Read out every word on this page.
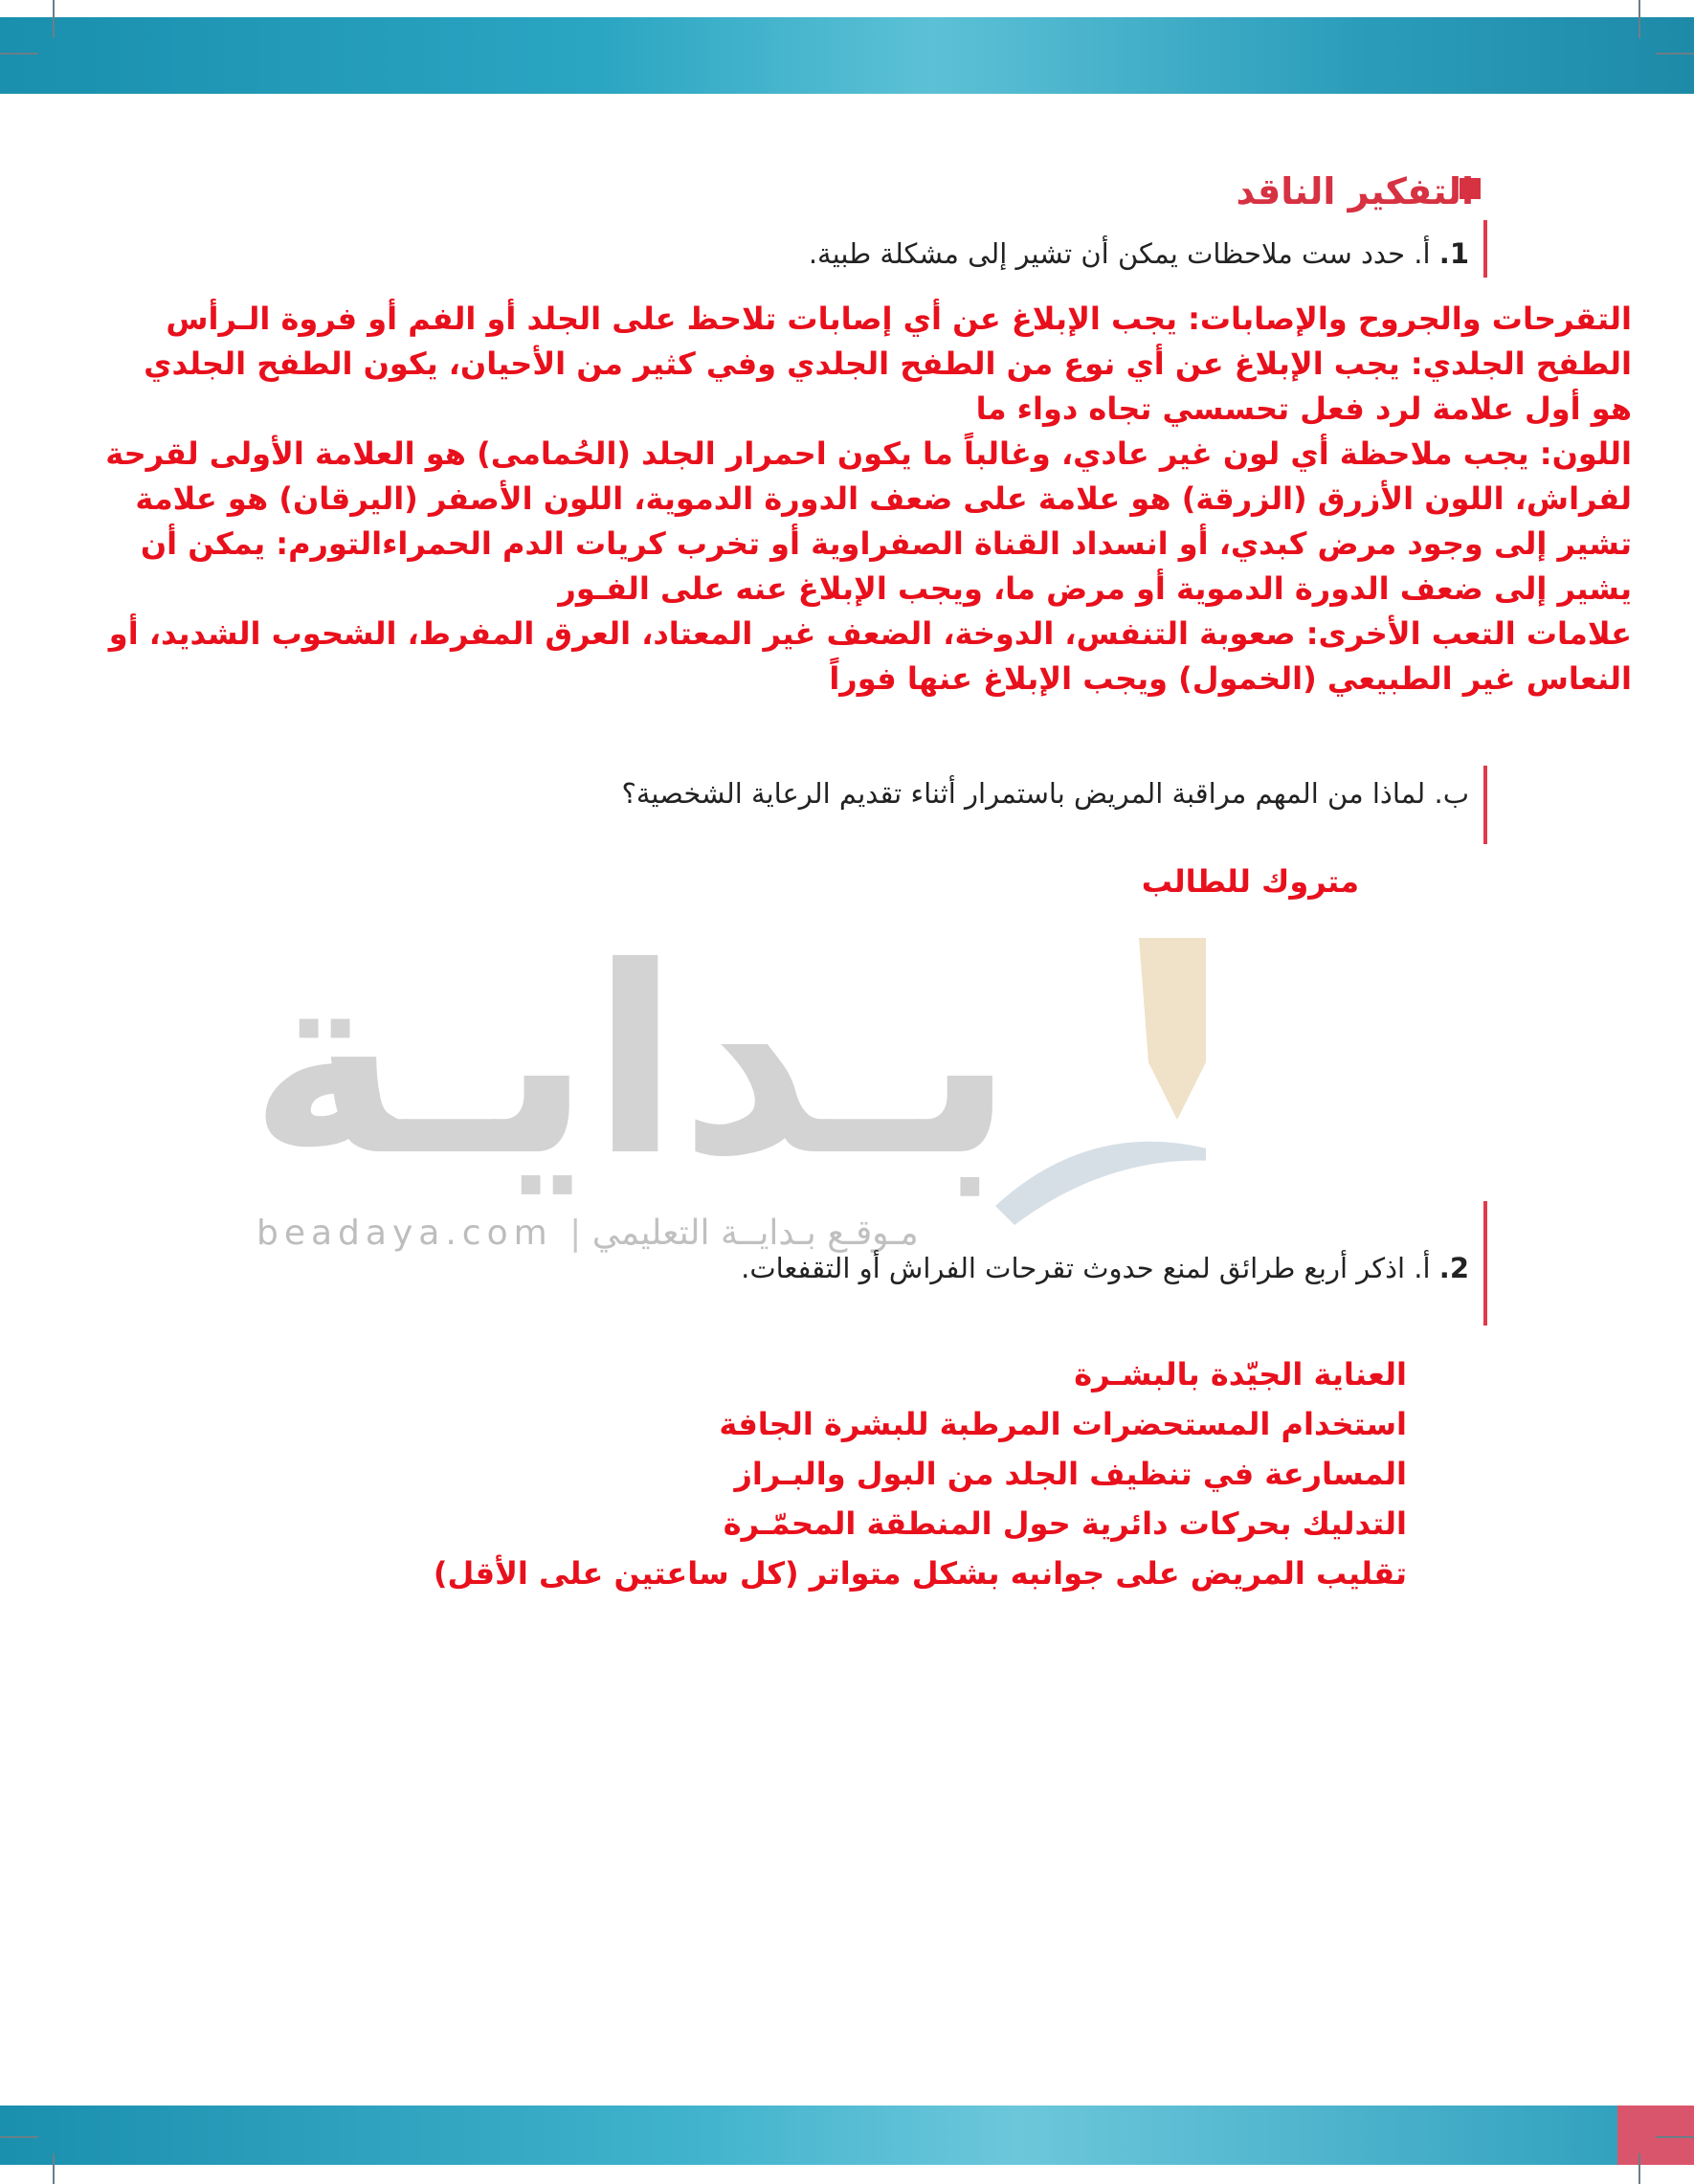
التفكير الناقد
1. أ. حدد ست ملاحظات يمكن أن تشير إلى مشكلة طبية.

التقرحات والجروح والإصابات: يجب الإبلاغ عن أي إصابات تلاحظ على الجلد أو الفم أو فروة الـرأس

الطفح الجلدي: يجب الإبلاغ عن أي نوع من الطفح الجلدي وفي كثير من الأحيان، يكون الطفح الجلدي هو أول علامة لرد فعل تحسسي تجاه دواء ما

اللون: يجب ملاحظة أي لون غير عادي، وغالباً ما يكون احمرار الجلد (الحُمامى) هو العلامة الأولى لقرحة لفراش، اللون الأزرق (الزرقة) هو علامة على ضعف الدورة الدموية، اللون الأصفر (اليرقان) هو علامة تشير إلى وجود مرض كبدي، أو انسداد القناة الصفراوية أو تخرب كريات الدم الحمراءالتورم: يمكن أن يشير إلى ضعف الدورة الدموية أو مرض ما، ويجب الإبلاغ عنه على الفـور

علامات التعب الأخرى: صعوبة التنفس، الدوخة، الضعف غير المعتاد، العرق المفرط، الشحوب الشديد، أو النعاس غير الطبيعي (الخمول) ويجب الإبلاغ عنها فوراً

ب. لماذا من المهم مراقبة المريض باستمرار أثناء تقديم الرعاية الشخصية؟
متروك للطالب
بـدايـة
beadaya.com | مـوقـع بـدايــة التعليمي
2. أ. اذكر أربع طرائق لمنع حدوث تقرحات الفراش أو التقفعات.

العناية الجيّدة بالبشـرة

استخدام المستحضرات المرطبة للبشرة الجافة

المسارعة في تنظيف الجلد من البول والبـراز

التدليك بحركات دائرية حول المنطقة المحمّـرة

تقليب المريض على جوانبه بشكل متواتر (كل ساعتين على الأقل)
